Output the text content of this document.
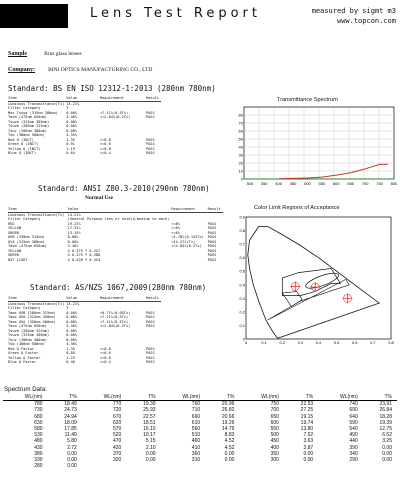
Lens Test Report	measured by sigmt m3
www.topcon.com
Sample	Brus glass lenses
Company: BINI OPTICS MANUFACTURING CO., LTD
Standard: BS EN ISO 12312-1:2013 (280nm 780nm)
Item	Value	Requirement	Result
Luminous Transmittance(Tv)	14.21%		
Filter Category	3		

Max Tsuva (315nm 380nm)	0.00%	<7.11%(0.5Tv)	PASS
Tmva (475nm 650nm)	3.46%	<=2.84%(0.2Tv)	PASS
Tsuva (315nm 380nm)	0.00%		
Tsuvb (280nm 315nm)	0.00%		
Tsuv (280nm 380nm)	0.00%		
Tsb (380nm 500nm)	4.35%		
Red Q (INCT)	1.35	>=0.8	PASS
Green Q (INCT)	0.91	>=0.6	PASS
Yellow Q (INCT)	1.19	>=0.8	PASS
Blue Q (INCT)	0.64	>=0.4	PASS
Standard: ANSI Z80.3-2010(290nm 780nm)
Normal Use
Item	Value	Requirement	Result
Luminous Transmittance(Tv)	14.21%		
Filter Category	(General Purpose lens or shield,medium to dark)		
RED	19.23%	>=8%	PASS
YELLOW	17.32%	>=6%	PASS
GREEN	13.15%	>=6%	PASS
UVB (290nm 315nm)	0.00%	<1.78%(0.125Tv)	PASS
UVA (315nm 380nm)	0.00%	<14.27%(Tv)	PASS
Tmva (475nm 650nm)	3.46%	<=2.84%(0.2Tv)	PASS
YELLOW	X 0.375 Y 0.427		PASS
GREEN	X 0.275 Y 0.388		PASS
DAY LIGHT	X 0.428 Y 0.424		PASS
Standard: AS/NZS 1067,2009(280nm 780nm)
Item	Value	Requirement	Result
Luminous Transmittance(Tv)	14.21%		
Filter Category	3		
Tmax UVB (280nm 315nm)	0.00%	<0.71%(0.05Tv)	PASS
Tmax UVA (315nm 350nm)	0.00%	<7.11%(0.5Tv)	PASS
Tmax UVA (350nm 400nm)	0.00%	<7.11%(0.5Tv)	PASS
Tmva (475nm 650nm)	3.46%	<=2.84%(0.2Tv)	PASS
Tsuvb (280nm 315nm)	0.00%		
Tsuva (315nm 400nm)	0.00%		
Tsuv (280nm 400nm)	0.00%		
Tsb (400nm 500nm)	4.36%		
Red Q Factor	1.35	>=0.8	PASS
Green Q Factor	0.85	>=0.6	PASS
Yellow Q Factor	1.23	>=0.8	PASS
Blue Q Factor	0.48	>=0.4	PASS
Transmittance Spectrum
80
70
60
50
40
30
20
10
0
300 350 400 450 500 550 600 650 700 750 800
Color Limit Regions of Acceptance
0.9
0.8
0.7
0.6
0.5
0.4
0.3
0.2
0.1
0
0	0.1	0.2	0.3	0.4	0.5	0.6	0.7	0.8
Spectrum Data:
WL(nm)	T%	WL(nm)	T%	WL(nm)	T%	WL(nm)	T%	WL(nm)	T%
780	18.49	770	19.39	760	20.96	750	22.53	740	23.91
730	24.73	720	25.93	710	26.82	700	27.25	690	26.84
680	24.94	670	22.57	660	20.66	650	19.15	640	18.28
630	18.09	620	18.51	610	19.26	600	19.74	590	19.39
580	17.85	570	16.10	560	14.79	550	13.80	540	12.75
530	11.49	520	10.17	510	8.83	500	7.52	490	6.52
480	5.80	470	5.15	460	4.52	450	3.63	440	3.25
430	2.72	420	2.10	410	4.52	400	3.87	390	0.00
380	0.00	370	0.00	360	0.00	350	0.00	340	0.00
330	0.00	320	0.00	310	0.00	300	0.00	290	0.00
280	0.00								
